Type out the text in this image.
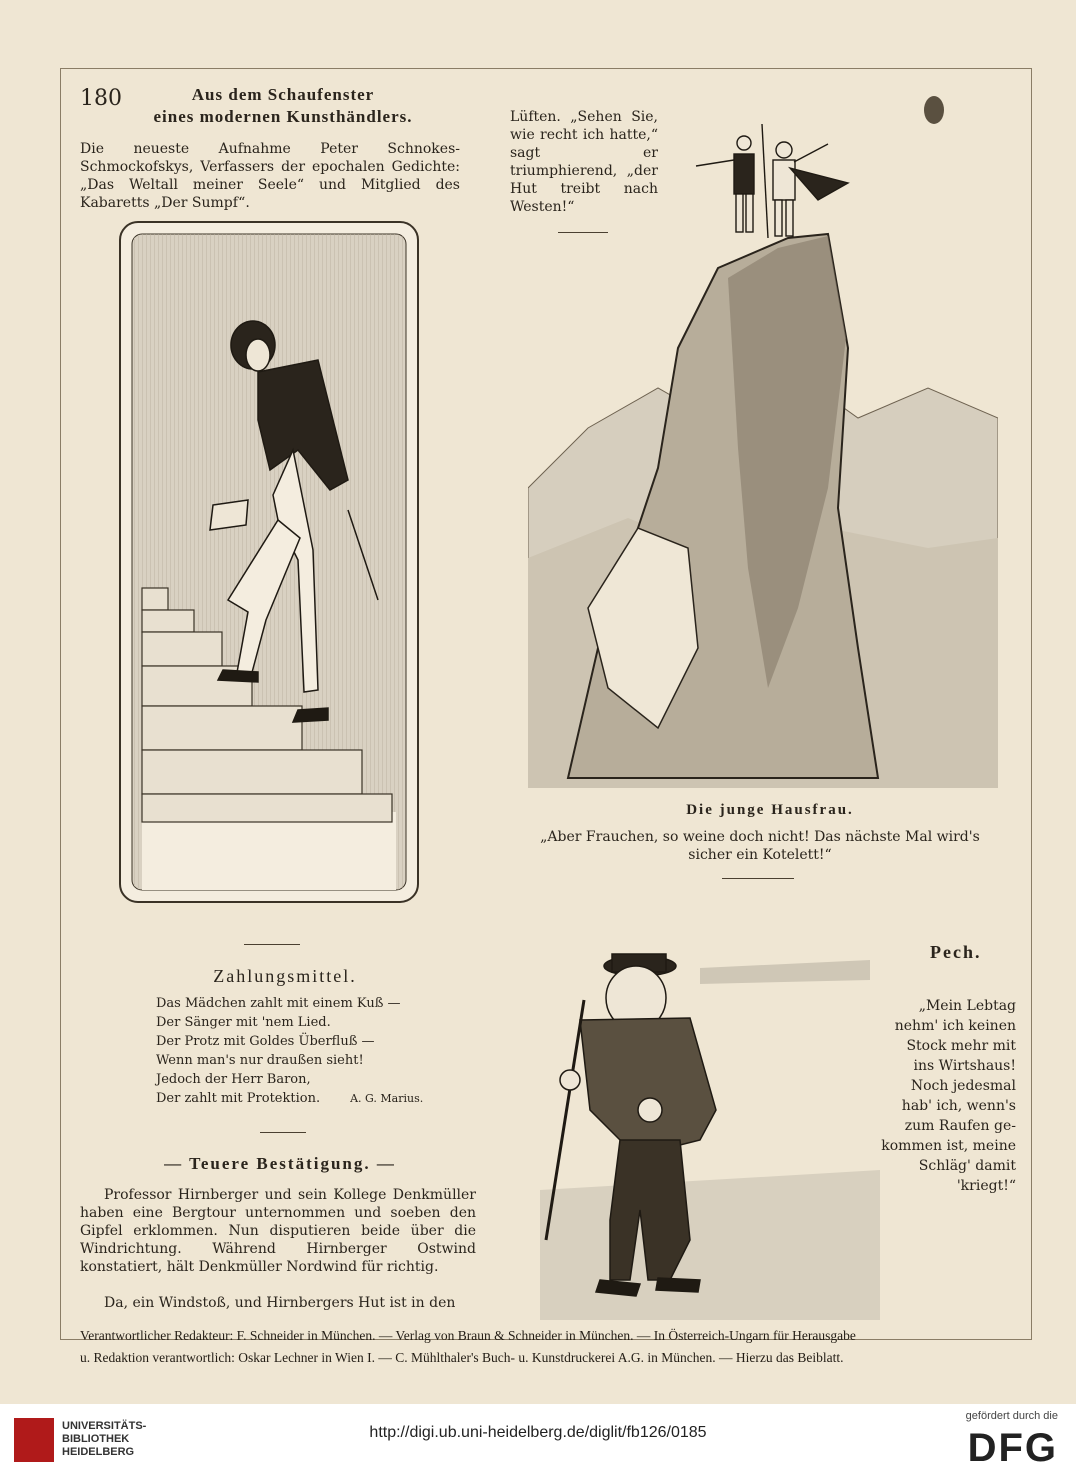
180	Aus dem Schaufenster
eines modernen Kunsthändlers.
Die neueste Aufnahme Peter Schnokes-Schmockofskys, Verfassers der epochalen Gedichte: „Das Weltall meiner Seele“ und Mitglied des Kabaretts „Der Sumpf“.
Lüften. „Sehen Sie, wie recht ich hatte,“ sagt er triumphierend, „der Hut treibt nach Westen!“
Die junge Hausfrau.
„Aber Frauchen, so weine doch nicht! Das nächste Mal wird's sicher ein Kotelett!“
Zahlungsmittel.
Das Mädchen zahlt mit einem Kuß —
Der Sänger mit 'nem Lied.
Der Protz mit Goldes Überfluß —
Wenn man's nur draußen sieht!
Jedoch der Herr Baron,
Der zahlt mit Protektion.	A. G. Marius.
— Teuere Bestätigung. —
Professor Hirnberger und sein Kollege Denkmüller haben eine Bergtour unternommen und soeben den Gipfel erklommen. Nun disputieren beide über die Windrichtung. Während Hirnberger Ostwind konstatiert, hält Denkmüller Nordwind für richtig.
Da, ein Windstoß, und Hirnbergers Hut ist in den
Pech.
„Mein Lebtag
nehm' ich keinen
Stock mehr mit
ins Wirtshaus!
Noch jedesmal
hab' ich, wenn's
zum Raufen ge-
kommen ist, meine
Schläg' damit
'kriegt!“
Verantwortlicher Redakteur: F. Schneider in München. — Verlag von Braun & Schneider in München. — In Österreich-Ungarn für Herausgabe
u. Redaktion verantwortlich: Oskar Lechner in Wien I. — C. Mühlthaler's Buch- u. Kunstdruckerei A.G. in München. — Hierzu das Beiblatt.
UNIVERSITÄTS-
BIBLIOTHEK
HEIDELBERG
http://digi.ub.uni-heidelberg.de/diglit/fb126/0185
gefördert durch die
DFG
